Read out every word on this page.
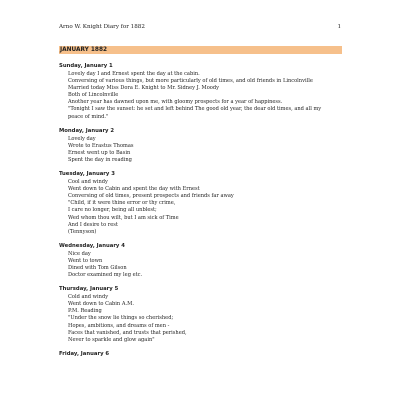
Arno W. Knight Diary for 1882	1
JANUARY 1882
Sunday, January 1
Lovely day I and Ernest spent the day at the cabin.
Conversing of various things, but more particularly of old times, and old friends in Lincolnville
Married today Miss Dora E. Knight to Mr. Sidney J. Moody
Both of Lincolnville
Another year has dawned upon me, with gloomy prospects for a year of happiness.
"Tonight I saw the sunset: he set and left behind The good old year, the dear old times, and all my
peace of mind."
Monday, January 2
Lovely day
Wrote to Erastus Thomas
Ernest went up to Basin
Spent the day in reading
Tuesday, January 3
Cool and windy
Went down to Cabin and spent the day with Ernest
Conversing of old times, present prospects and friends far away
"Child, if it were thine error or thy crime,
I care no longer, being all unblest;
Wed whom thou wilt, but I am sick of Time
And I desire to rest
(Tennyson)
Wednesday, January 4
Nice day
Went to town
Dined with Tom Gilson
Doctor examined my leg etc.
Thursday, January 5
Cold and windy
Went down to Cabin A.M.
P.M. Reading
"Under the snow lie things so cherished;
Hopes, ambitions, and dreams of men -
Faces that vanished, and trusts that perished,
Never to sparkle and glow again"
Friday, January 6
